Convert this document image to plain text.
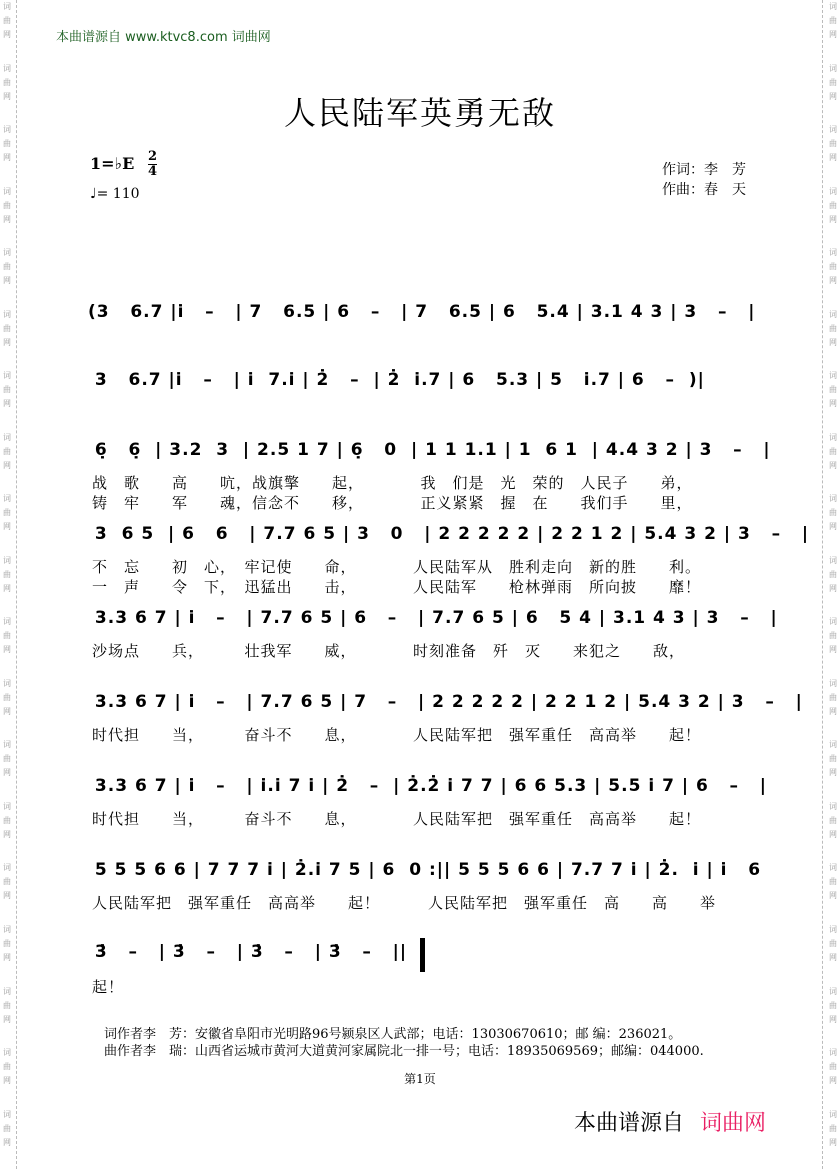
词
曲
网
词
曲
网
词
曲
网
词
曲
网
词
曲
网
词
曲
网
词
曲
网
词
曲
网
词
曲
网
词
曲
网
词
曲
网
词
曲
网
词
曲
网
词
曲
网
词
曲
网
词
曲
网
词
曲
网
词
曲
网
词
曲
网
词
曲
网
词
曲
网
词
曲
网
词
曲
网
词
曲
网
词
曲
网
词
曲
网
词
曲
网
词
曲
网
词
曲
网
词
曲
网
词
曲
网
词
曲
网
词
曲
网
词
曲
网
词
曲
网
词
曲
网
词
曲
网
词
曲
网
本曲谱源自 www.ktvc8.com 词曲网
人民陆军英勇无敌
1=♭E $\frac{2}{4}$
♩= 110
作词：李　芳
作曲：春　天
(3   6.7 |i̇   –   | 7   6.5 | 6   –   | 7   6.5 | 6   5.4 | 3.1 4 3 | 3   –   |
3   6.7 |i̇   –   | i̇  7.i̇ | 2̇   –  | 2̇  i̇.7 | 6   5.3 | 5   i̇.7 | 6   –  )|
6̣   6̣  | 3.2  3  | 2.5 1 7 | 6̣   0  | 1 1 1.1 | 1  6 1  | 4.4 3 2 | 3   –   |
战　歌　　高　　吭，战旗擎　　起，　　　　我　们是　光　荣的　人民子　　弟，
铸　牢　　军　　魂，信念不　　移，　　　　正义紧紧　握　在　　我们手　　里，
3  6 5  | 6   6   | 7.7 6 5 | 3   0   | 2 2 2 2 2 | 2 2 1 2 | 5.4 3 2 | 3   –   |
不　忘　　初　心，　牢记使　　命，　　　　人民陆军从　胜利走向　新的胜　　利。
一　声　　令　下，　迅猛出　　击，　　　　人民陆军　　枪林弹雨　所向披　　靡！
3.3 6 7 | i̇   –   | 7.7 6 5 | 6   –   | 7.7 6 5 | 6   5 4 | 3.1 4 3 | 3   –   |
沙场点　　兵，　　　壮我军　　威，　　　　时刻准备　歼　灭　　来犯之　　敌，
3.3 6 7 | i̇   –   | 7.7 6 5 | 7   –   | 2 2 2 2 2 | 2 2 1 2 | 5.4 3 2 | 3   –   |
时代担　　当，　　　奋斗不　　息，　　　　人民陆军把　强军重任　高高举　　起！
3.3 6 7 | i̇   –   | i̇.i̇ 7 i̇ | 2̇   –  | 2̇.2̇ i̇ 7 7 | 6 6 5.3 | 5.5 i̇ 7 | 6   –   |
时代担　　当，　　　奋斗不　　息，　　　　人民陆军把　强军重任　高高举　　起！
5 5 5 6 6 | 7 7 7 i̇ | 2̇.i̇ 7 5 | 6  0 :|| 5 5 5 6 6 | 7.7 7 i̇ | 2̇.  i̇ | i̇   6
人民陆军把　强军重任　高高举　　起！　　　人民陆军把　强军重任　高　　高　　举
3̇   –   | 3̇   –   | 3̇   –   | 3̇   –   ||
起！
词作者李　芳：安徽省阜阳市光明路96号颍泉区人武部；电话：13030670610；邮 编：236021。
曲作者李　瑞：山西省运城市黄河大道黄河家属院北一排一号；电话：18935069569；邮编：044000.
第1页
本曲谱源自 词曲网
